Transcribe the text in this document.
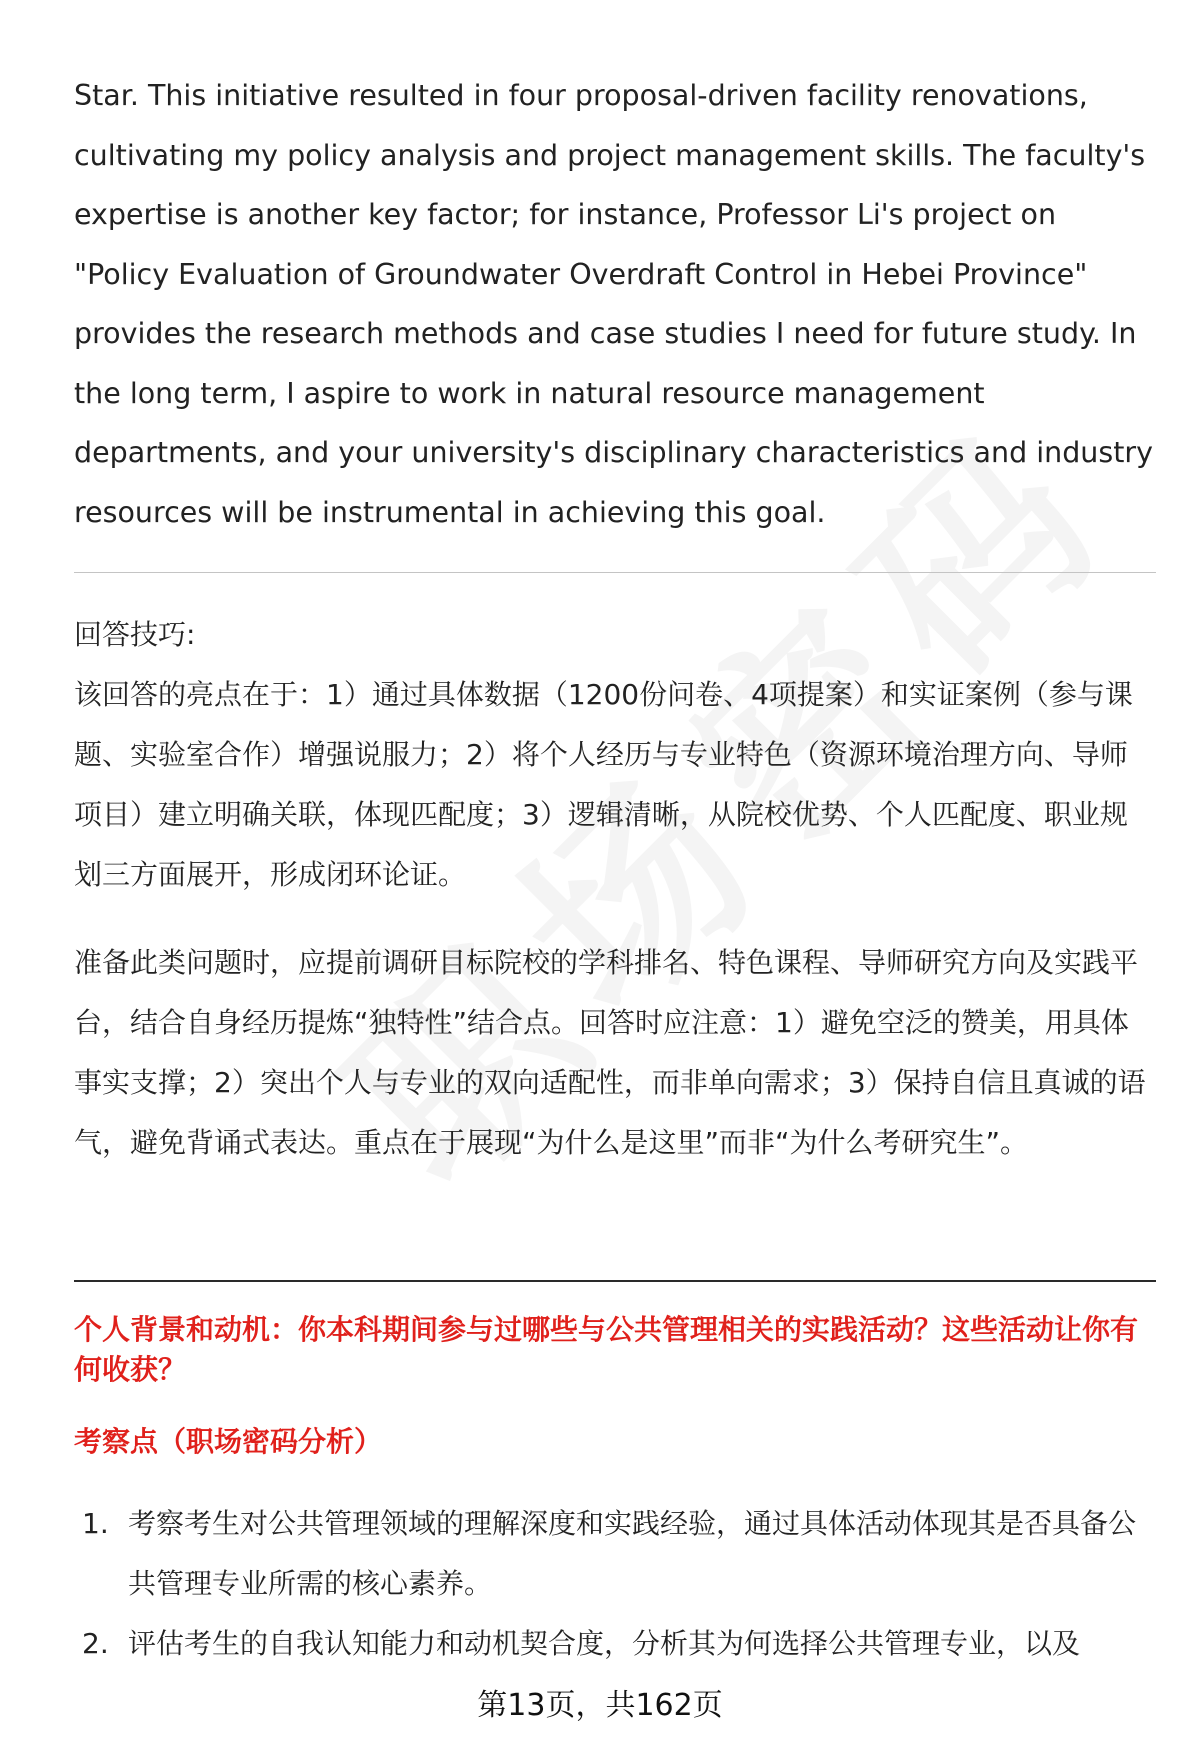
Star. This initiative resulted in four proposal-driven facility renovations, cultivating my policy analysis and project management skills. The faculty's expertise is another key factor; for instance, Professor Li's project on "Policy Evaluation of Groundwater Overdraft Control in Hebei Province" provides the research methods and case studies I need for future study. In the long term, I aspire to work in natural resource management departments, and your university's disciplinary characteristics and industry resources will be instrumental in achieving this goal.

回答技巧:

该回答的亮点在于：1）通过具体数据（1200份问卷、4项提案）和实证案例（参与课题、实验室合作）增强说服力；2）将个人经历与专业特色（资源环境治理方向、导师项目）建立明确关联，体现匹配度；3）逻辑清晰，从院校优势、个人匹配度、职业规划三方面展开，形成闭环论证。

准备此类问题时，应提前调研目标院校的学科排名、特色课程、导师研究方向及实践平台，结合自身经历提炼“独特性”结合点。回答时应注意：1）避免空泛的赞美，用具体事实支撑；2）突出个人与专业的双向适配性，而非单向需求；3）保持自信且真诚的语气，避免背诵式表达。重点在于展现“为什么是这里”而非“为什么考研究生”。

个人背景和动机：你本科期间参与过哪些与公共管理相关的实践活动？这些活动让你有何收获？

考察点（职场密码分析）

1. 考察考生对公共管理领域的理解深度和实践经验，通过具体活动体现其是否具备公共管理专业所需的核心素养。
2. 评估考生的自我认知能力和动机契合度，分析其为何选择公共管理专业，以及
第13页，共162页
